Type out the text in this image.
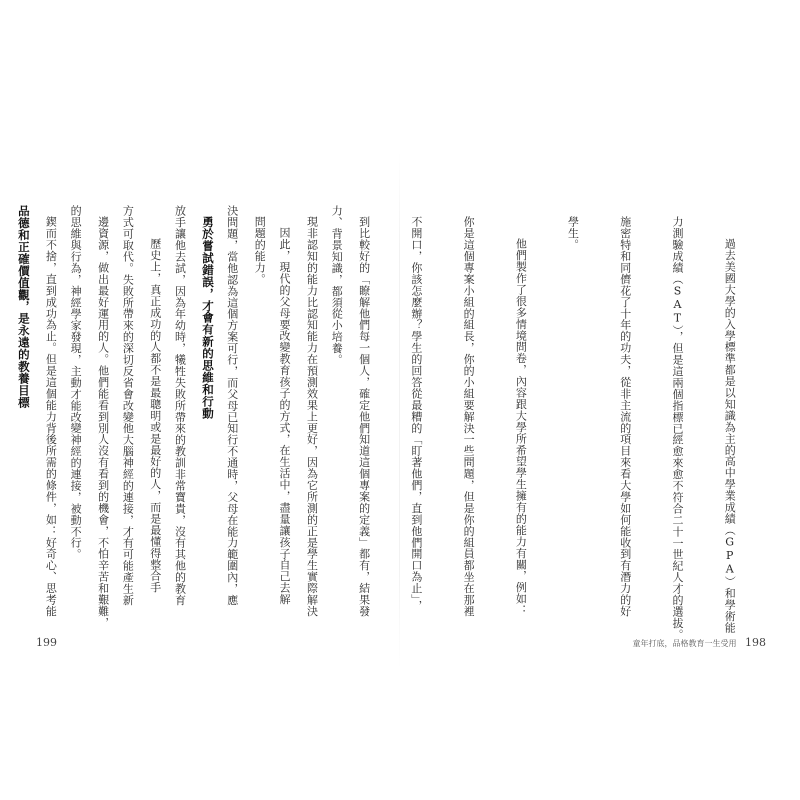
力、背景知識，都須從小培養。

因此，現代的父母要改變教育孩子的方式，在生活中，盡量讓孩子自己去解

決問題，當他認為這個方案可行，而父母已知行不通時，父母在能力範圍內，應

放手讓他去試，因為年幼時，犧牲失敗所帶來的教訓非常寶貴，沒有其他的教育

方式可取代。失敗所帶來的深切反省會改變他大腦神經的連接，才有可能產生新

的思維與行為，神經學家發現，主動才能改變神經的連接，被動不行。

品德和正確價值觀，是永遠的教養目標

199

過去美國大學的入學標準都是以知識為主的高中學業成績（GPA）和學術能

力測驗成績（SAT），但是這兩個指標已經愈來愈不符合二十一世紀人才的選拔。

施密特和同儕花了十年的功夫，從非主流的項目來看大學如何能收到有潛力的好

學生。

他們製作了很多情境問卷，內容跟大學所希望學生擁有的能力有關，例如：

你是這個專案小組的組長，你的小組要解決一些問題，但是你的組員都坐在那裡

不開口，你該怎麼辦？學生的回答從最糟的「盯著他們，直到他們開口為止」，

到比較好的「瞭解他們每一個人，確定他們知道這個專案的定義」都有，結果發

現非認知的能力比認知能力在預測效果上更好，因為它所測的正是學生實際解決

問題的能力。

勇於嘗試錯誤，才會有新的思維和行動

歷史上，真正成功的人都不是最聰明或是最好的人，而是最懂得整合手

邊資源，做出最好運用的人。他們能看到別人沒有看到的機會，不怕辛苦和艱難，

鍥而不捨，直到成功為止。但是這個能力背後所需的條件，如：好奇心、思考能

童年打底，品格教育一生受用 198
